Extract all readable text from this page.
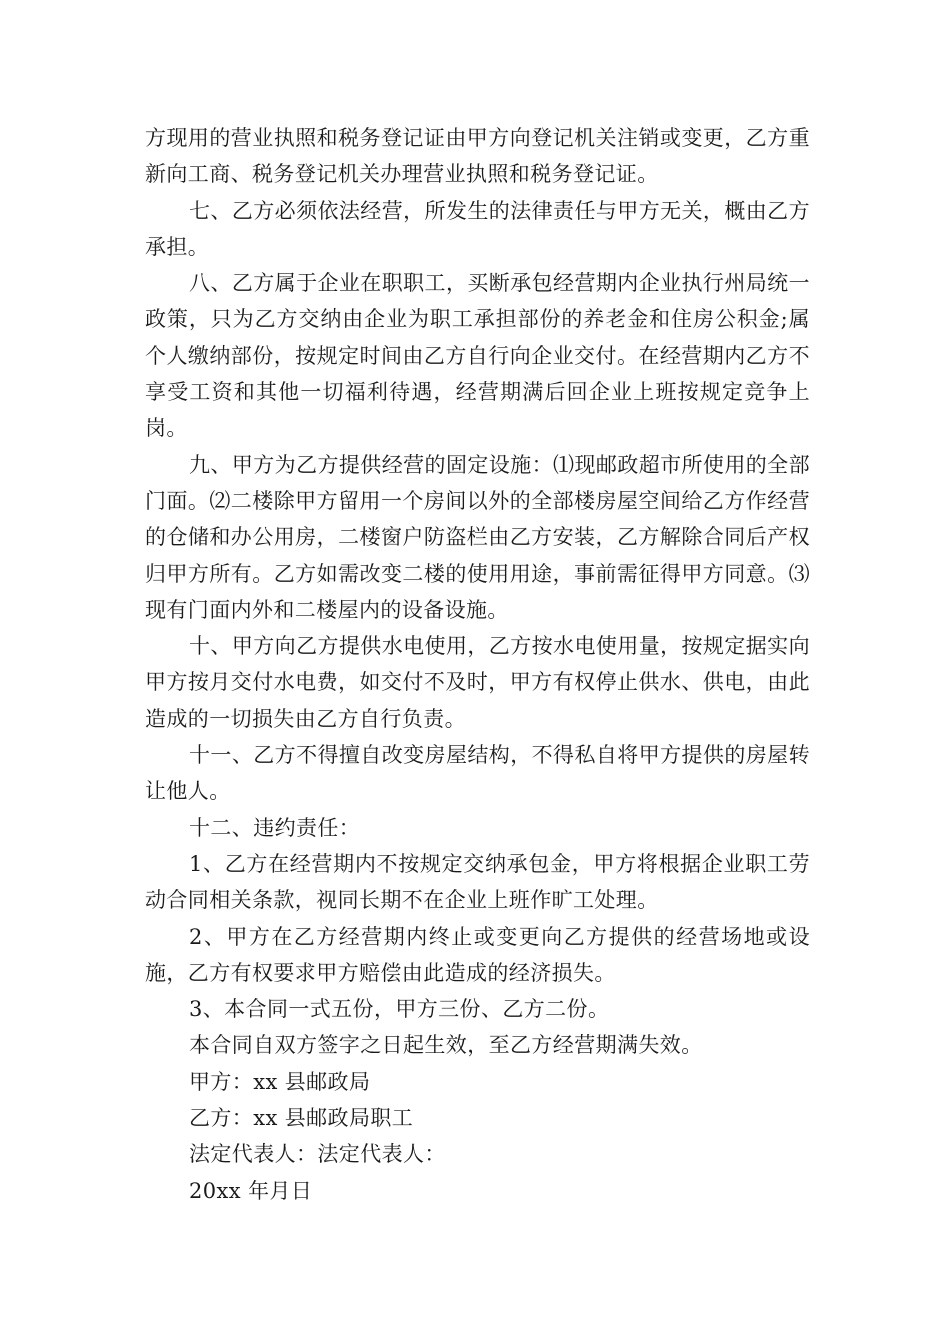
方现用的营业执照和税务登记证由甲方向登记机关注销或变更，乙方重新向工商、税务登记机关办理营业执照和税务登记证。

七、乙方必须依法经营，所发生的法律责任与甲方无关，概由乙方承担。

八、乙方属于企业在职职工，买断承包经营期内企业执行州局统一政策，只为乙方交纳由企业为职工承担部份的养老金和住房公积金;属个人缴纳部份，按规定时间由乙方自行向企业交付。在经营期内乙方不享受工资和其他一切福利待遇，经营期满后回企业上班按规定竞争上岗。

九、甲方为乙方提供经营的固定设施：⑴现邮政超市所使用的全部门面。⑵二楼除甲方留用一个房间以外的全部楼房屋空间给乙方作经营的仓储和办公用房，二楼窗户防盗栏由乙方安装，乙方解除合同后产权归甲方所有。乙方如需改变二楼的使用用途，事前需征得甲方同意。⑶现有门面内外和二楼屋内的设备设施。

十、甲方向乙方提供水电使用，乙方按水电使用量，按规定据实向甲方按月交付水电费，如交付不及时，甲方有权停止供水、供电，由此造成的一切损失由乙方自行负责。

十一、乙方不得擅自改变房屋结构，不得私自将甲方提供的房屋转让他人。

十二、违约责任：

1、乙方在经营期内不按规定交纳承包金，甲方将根据企业职工劳动合同相关条款，视同长期不在企业上班作旷工处理。

2、甲方在乙方经营期内终止或变更向乙方提供的经营场地或设施，乙方有权要求甲方赔偿由此造成的经济损失。

3、本合同一式五份，甲方三份、乙方二份。

本合同自双方签字之日起生效，至乙方经营期满失效。

甲方：xx 县邮政局

乙方：xx 县邮政局职工

法定代表人：法定代表人：

20xx 年月日
